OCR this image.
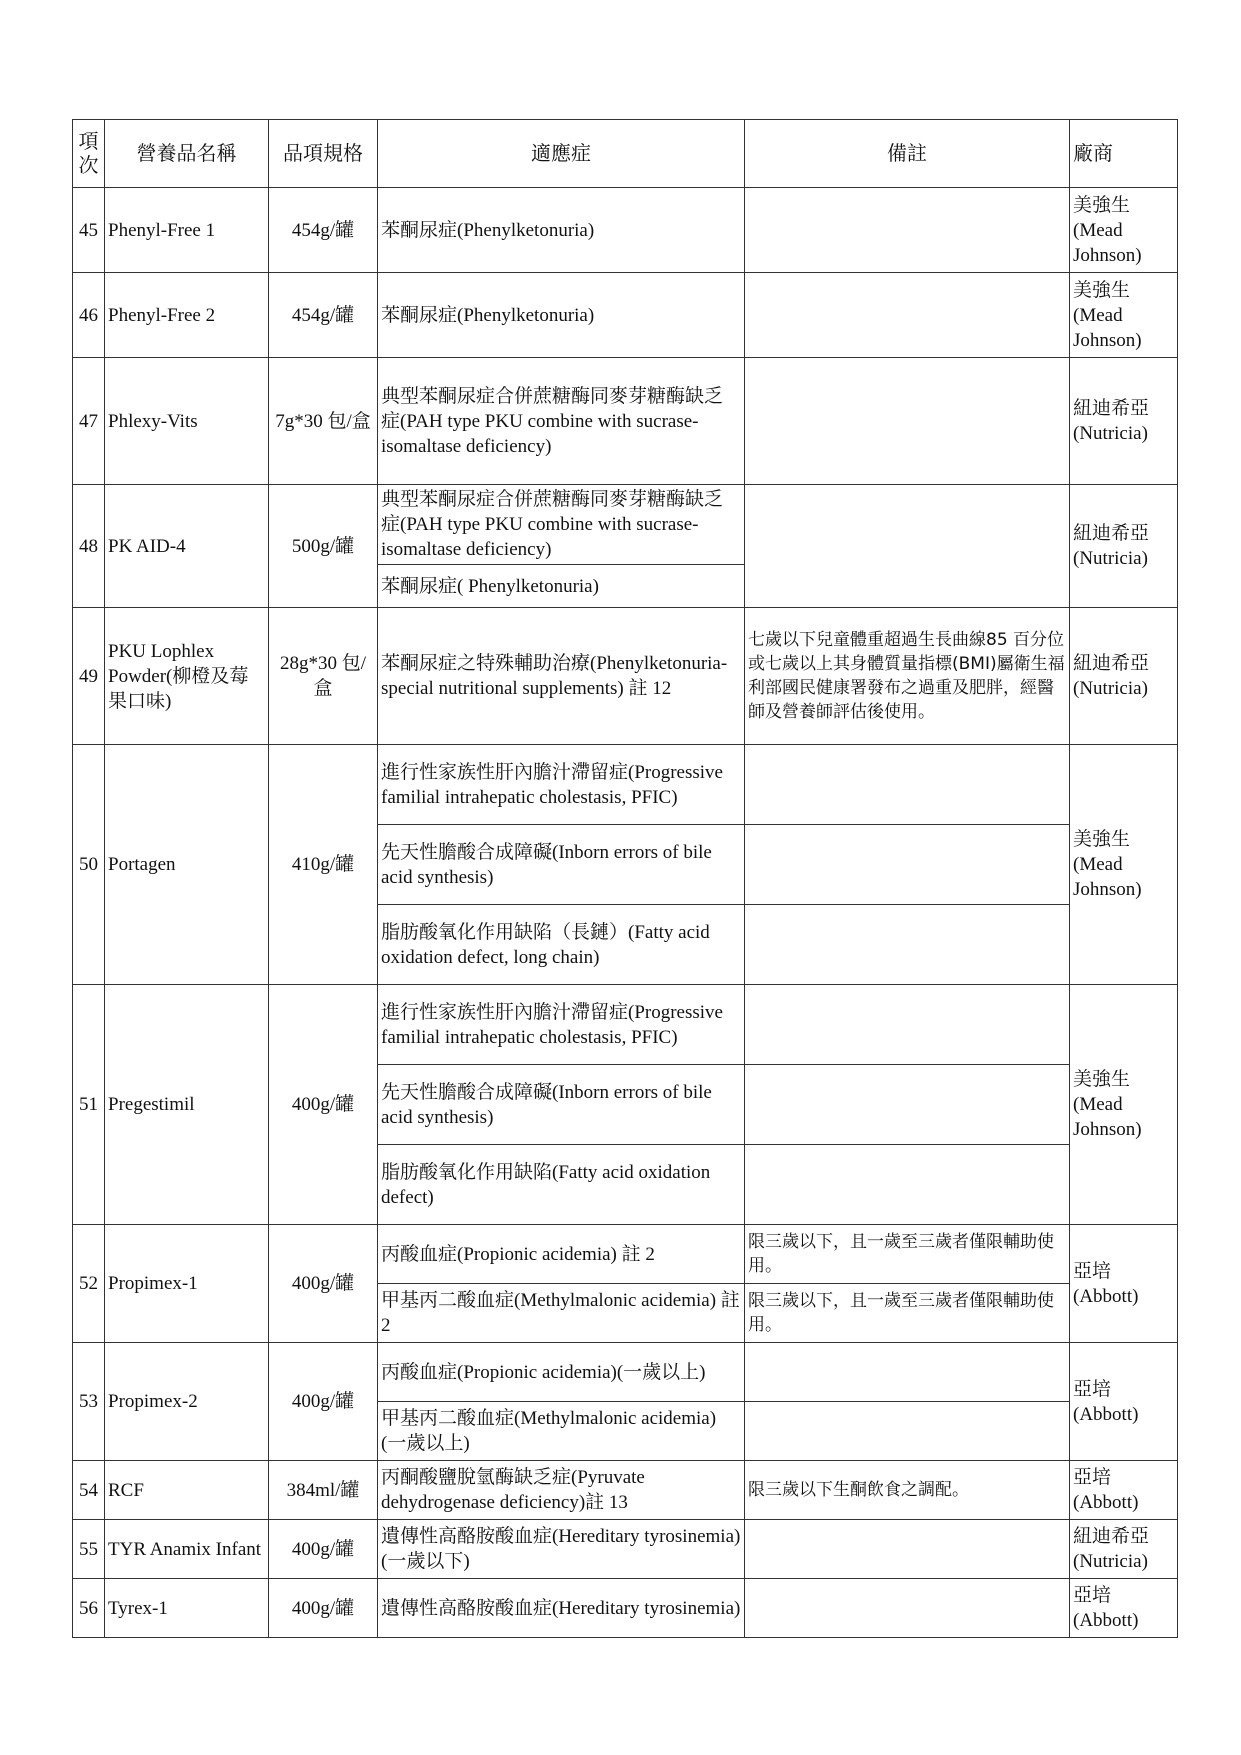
項次	營養品名稱	品項規格	適應症	備註	廠商
45	Phenyl-Free 1	454g/罐	苯酮尿症(Phenylketonuria)		美強生(Mead Johnson)
46	Phenyl-Free 2	454g/罐	苯酮尿症(Phenylketonuria)		美強生(Mead Johnson)
47	Phlexy-Vits	7g*30 包/盒	典型苯酮尿症合併蔗糖酶同麥芽糖酶缺乏症(PAH type PKU combine with sucrase-isomaltase deficiency)		紐迪希亞(Nutricia)
48	PK AID-4	500g/罐	典型苯酮尿症合併蔗糖酶同麥芽糖酶缺乏症(PAH type PKU combine with sucrase-isomaltase deficiency)		紐迪希亞(Nutricia)
			苯酮尿症( Phenylketonuria)		
49	PKU Lophlex Powder(柳橙及莓果口味)	28g*30 包/盒	苯酮尿症之特殊輔助治療(Phenylketonuria-special nutritional supplements) 註 12	七歲以下兒童體重超過生長曲線85 百分位或七歲以上其身體質量指標(BMI)屬衛生福利部國民健康署發布之過重及肥胖，經醫師及營養師評估後使用。	紐迪希亞(Nutricia)
50	Portagen	410g/罐	進行性家族性肝內膽汁滯留症(Progressive familial intrahepatic cholestasis, PFIC)		美強生(Mead Johnson)
			先天性膽酸合成障礙(Inborn errors of bile acid synthesis)		
			脂肪酸氧化作用缺陷（長鏈）(Fatty acid oxidation defect, long chain)		
51	Pregestimil	400g/罐	進行性家族性肝內膽汁滯留症(Progressive familial intrahepatic cholestasis, PFIC)		美強生(Mead Johnson)
			先天性膽酸合成障礙(Inborn errors of bile acid synthesis)		
			脂肪酸氧化作用缺陷(Fatty acid oxidation defect)		
52	Propimex-1	400g/罐	丙酸血症(Propionic acidemia) 註 2	限三歲以下，且一歲至三歲者僅限輔助使用。	亞培(Abbott)
			甲基丙二酸血症(Methylmalonic acidemia) 註 2	限三歲以下，且一歲至三歲者僅限輔助使用。	
53	Propimex-2	400g/罐	丙酸血症(Propionic acidemia)(一歲以上)		亞培(Abbott)
			甲基丙二酸血症(Methylmalonic acidemia) (一歲以上)		
54	RCF	384ml/罐	丙酮酸鹽脫氫酶缺乏症(Pyruvate dehydrogenase deficiency)註 13	限三歲以下生酮飲食之調配。	亞培(Abbott)
55	TYR Anamix Infant	400g/罐	遺傳性高酪胺酸血症(Hereditary tyrosinemia) (一歲以下)		紐迪希亞(Nutricia)
56	Tyrex-1	400g/罐	遺傳性高酪胺酸血症(Hereditary tyrosinemia)		亞培(Abbott)
